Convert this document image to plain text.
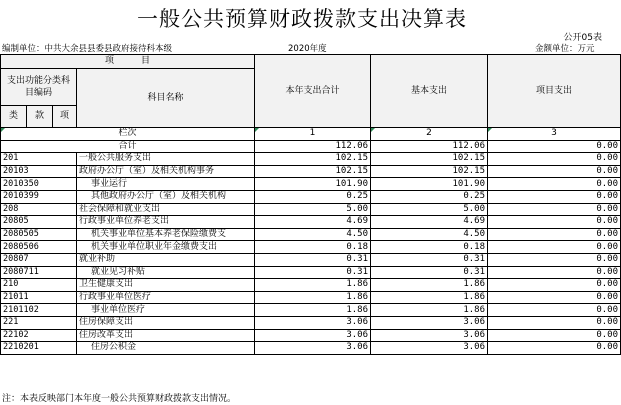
一般公共预算财政拨款支出决算表
公开05表
编制单位：中共大余县县委县政府接待科本级	2020年度	金额单位：万元
项　　　目				本年支出合计	基本支出	项目支出
支出功能分类科目编码			科目名称			

类	款	项				
栏次				1	2	3
合计				112.06	112.06	0.00
201			一般公共服务支出	102.15	102.15	0.00
20103			政府办公厅（室）及相关机构事务	102.15	102.15	0.00
2010350			事业运行	101.90	101.90	0.00
2010399			其他政府办公厅（室）及相关机构	0.25	0.25	0.00
208			社会保障和就业支出	5.00	5.00	0.00
20805			行政事业单位养老支出	4.69	4.69	0.00
2080505			机关事业单位基本养老保险缴费支	4.50	4.50	0.00
2080506			机关事业单位职业年金缴费支出	0.18	0.18	0.00
20807			就业补助	0.31	0.31	0.00
2080711			就业见习补贴	0.31	0.31	0.00
210			卫生健康支出	1.86	1.86	0.00
21011			行政事业单位医疗	1.86	1.86	0.00
2101102			事业单位医疗	1.86	1.86	0.00
221			住房保障支出	3.06	3.06	0.00
22102			住房改革支出	3.06	3.06	0.00
2210201			住房公积金	3.06	3.06	0.00
注：本表反映部门本年度一般公共预算财政拨款支出情况。
